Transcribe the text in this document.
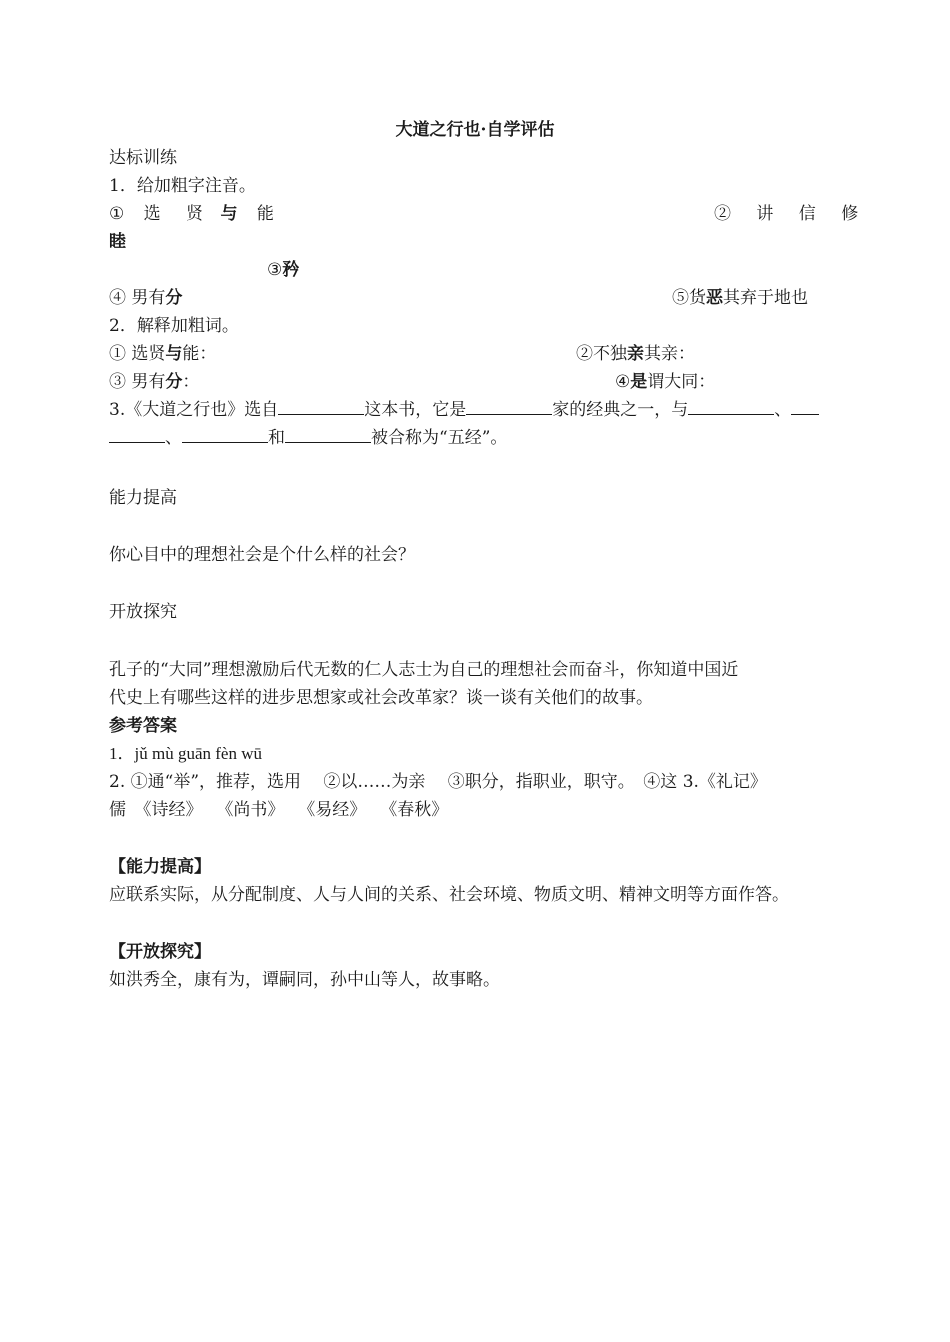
大道之行也·自学评估
达标训练
1．给加粗字注音。
① 选 贤 与 能	② 讲 信 修
睦
③矜
④ 男有分	⑤货恶其弃于地也
2．解释加粗词。
① 选贤与能：	②不独亲其亲：
③ 男有分：	④是谓大同：
3.《大道之行也》选自	这本书，它是	家的经典之一，与	、
、	和	被合称为“五经”。
能力提高
你心目中的理想社会是个什么样的社会？
开放探究
孔子的“大同”理想激励后代无数的仁人志士为自己的理想社会而奋斗，你知道中国近
代史上有哪些这样的进步思想家或社会改革家？谈一谈有关他们的故事。
参考答案
1．jǔ mù guān fèn wū
2. ①通“举”，推荐，选用　 ②以……为亲　 ③职分，指职业，职守。　④这 3.《礼记》
儒　《诗经》　 《尚书》　 《易经》　 《春秋》
【能力提高】
应联系实际，从分配制度、人与人间的关系、社会环境、物质文明、精神文明等方面作答。
【开放探究】
如洪秀全，康有为，谭嗣同，孙中山等人，故事略。
